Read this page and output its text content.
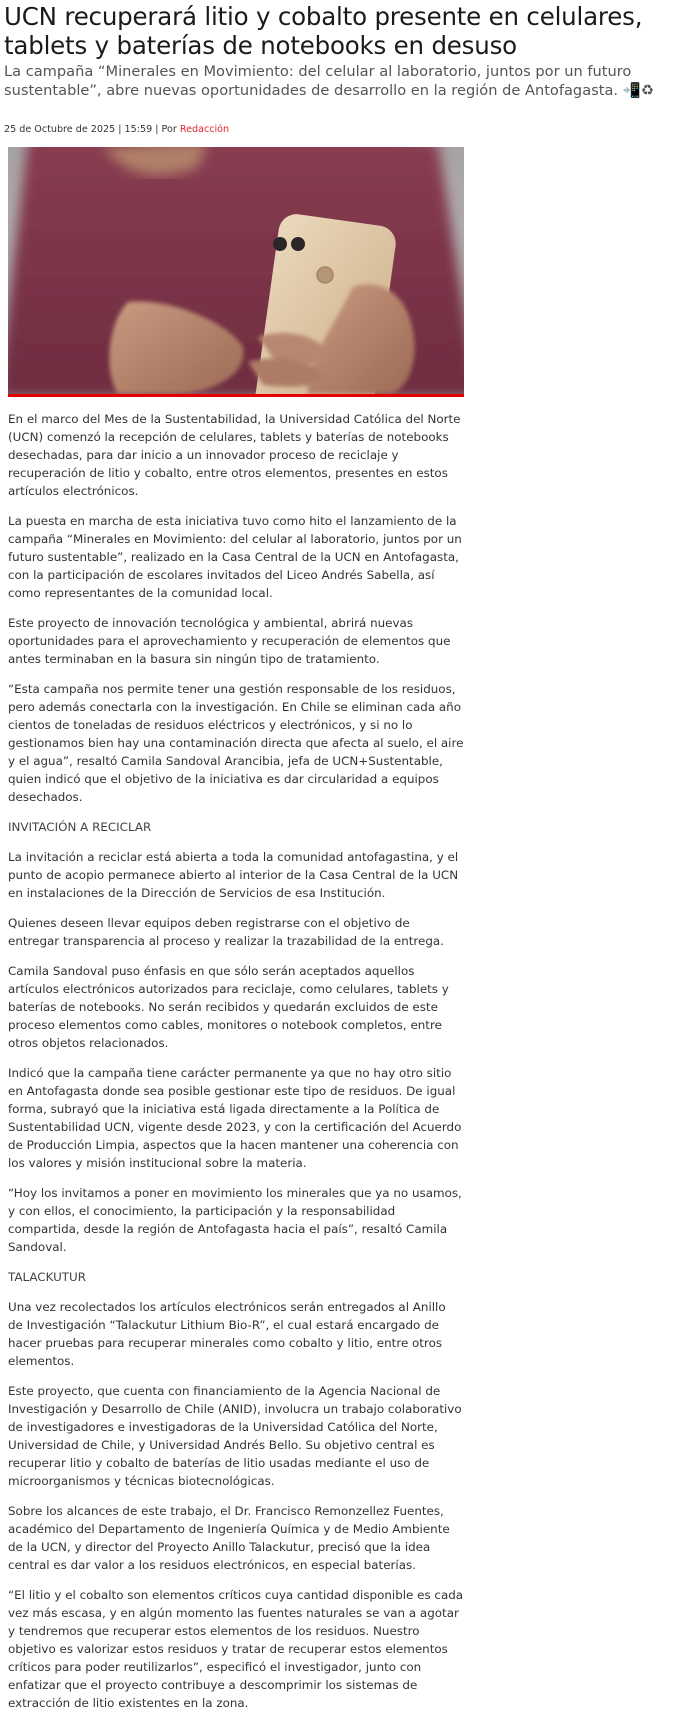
UCN recuperará litio y cobalto presente en celulares, tablets y baterías de notebooks en desuso

La campaña “Minerales en Movimiento: del celular al laboratorio, juntos por un futuro sustentable”, abre nuevas oportunidades de desarrollo en la región de Antofagasta. 📲♻

25 de Octubre de 2025 | 15:59 | Por Redacción

En el marco del Mes de la Sustentabilidad, la Universidad Católica del Norte (UCN) comenzó la recepción de celulares, tablets y baterías de notebooks desechadas, para dar inicio a un innovador proceso de reciclaje y recuperación de litio y cobalto, entre otros elementos, presentes en estos artículos electrónicos.

La puesta en marcha de esta iniciativa tuvo como hito el lanzamiento de la campaña “Minerales en Movimiento: del celular al laboratorio, juntos por un futuro sustentable”, realizado en la Casa Central de la UCN en Antofagasta, con la participación de escolares invitados del Liceo Andrés Sabella, así como representantes de la comunidad local.

Este proyecto de innovación tecnológica y ambiental, abrirá nuevas oportunidades para el aprovechamiento y recuperación de elementos que antes terminaban en la basura sin ningún tipo de tratamiento.

“Esta campaña nos permite tener una gestión responsable de los residuos, pero además conectarla con la investigación. En Chile se eliminan cada año cientos de toneladas de residuos eléctricos y electrónicos, y si no lo gestionamos bien hay una contaminación directa que afecta al suelo, el aire y el agua”, resaltó Camila Sandoval Arancibia, jefa de UCN+Sustentable, quien indicó que el objetivo de la iniciativa es dar circularidad a equipos desechados.

INVITACIÓN A RECICLAR

La invitación a reciclar está abierta a toda la comunidad antofagastina, y el punto de acopio permanece abierto al interior de la Casa Central de la UCN en instalaciones de la Dirección de Servicios de esa Institución.

Quienes deseen llevar equipos deben registrarse con el objetivo de entregar transparencia al proceso y realizar la trazabilidad de la entrega.

Camila Sandoval puso énfasis en que sólo serán aceptados aquellos artículos electrónicos autorizados para reciclaje, como celulares, tablets y baterías de notebooks. No serán recibidos y quedarán excluidos de este proceso elementos como cables, monitores o notebook completos, entre otros objetos relacionados.

Indicó que la campaña tiene carácter permanente ya que no hay otro sitio en Antofagasta donde sea posible gestionar este tipo de residuos. De igual forma, subrayó que la iniciativa está ligada directamente a la Política de Sustentabilidad UCN, vigente desde 2023, y con la certificación del Acuerdo de Producción Limpia, aspectos que la hacen mantener una coherencia con los valores y misión institucional sobre la materia.

“Hoy los invitamos a poner en movimiento los minerales que ya no usamos, y con ellos, el conocimiento, la participación y la responsabilidad compartida, desde la región de Antofagasta hacia el país”, resaltó Camila Sandoval.

TALACKUTUR

Una vez recolectados los artículos electrónicos serán entregados al Anillo de Investigación “Talackutur Lithium Bio-R”, el cual estará encargado de hacer pruebas para recuperar minerales como cobalto y litio, entre otros elementos.

Este proyecto, que cuenta con financiamiento de la Agencia Nacional de Investigación y Desarrollo de Chile (ANID), involucra un trabajo colaborativo de investigadores e investigadoras de la Universidad Católica del Norte, Universidad de Chile, y Universidad Andrés Bello. Su objetivo central es recuperar litio y cobalto de baterías de litio usadas mediante el uso de microorganismos y técnicas biotecnológicas.

Sobre los alcances de este trabajo, el Dr. Francisco Remonzellez Fuentes, académico del Departamento de Ingeniería Química y de Medio Ambiente de la UCN, y director del Proyecto Anillo Talackutur, precisó que la idea central es dar valor a los residuos electrónicos, en especial baterías.

“El litio y el cobalto son elementos críticos cuya cantidad disponible es cada vez más escasa, y en algún momento las fuentes naturales se van a agotar y tendremos que recuperar estos elementos de los residuos. Nuestro objetivo es valorizar estos residuos y tratar de recuperar estos elementos críticos para poder reutilizarlos”, especificó el investigador, junto con enfatizar que el proyecto contribuye a descomprimir los sistemas de extracción de litio existentes en la zona.
